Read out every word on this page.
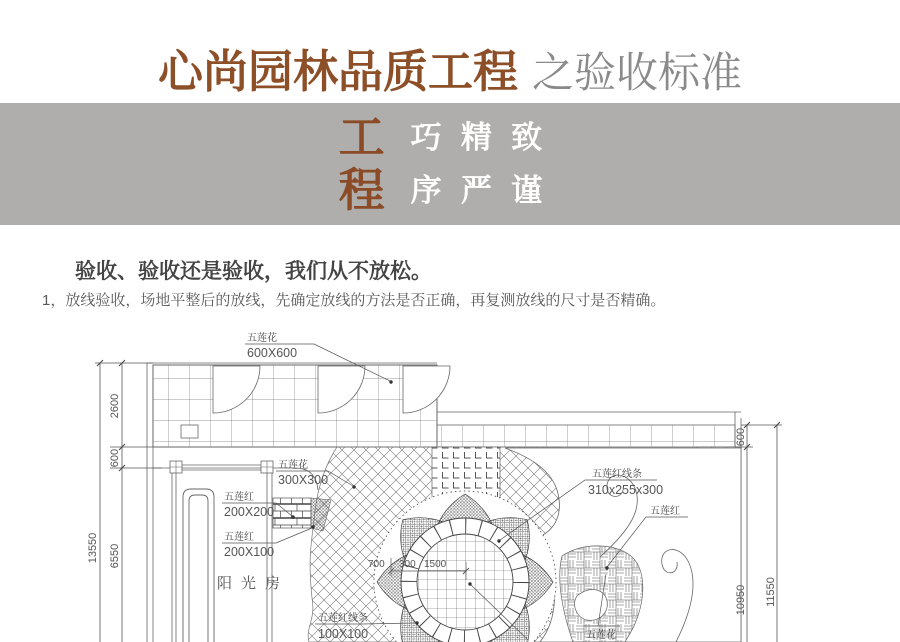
心尚园林品质工程 之验收标准
工
程
巧精致
序严谨
验收、验收还是验收，我们从不放松。
1，放线验收，场地平整后的放线，先确定放线的方法是否正确，再复测放线的尺寸是否精确。
阳光房
700 300 1500
五莲花
600X600
五莲花
300X300
五莲红
200X200
五莲红
200X100
五莲红线条
310x255x300
五莲红
五莲红线条
100X100	五莲花
13550
2600
600
6550
600
10950 11550
